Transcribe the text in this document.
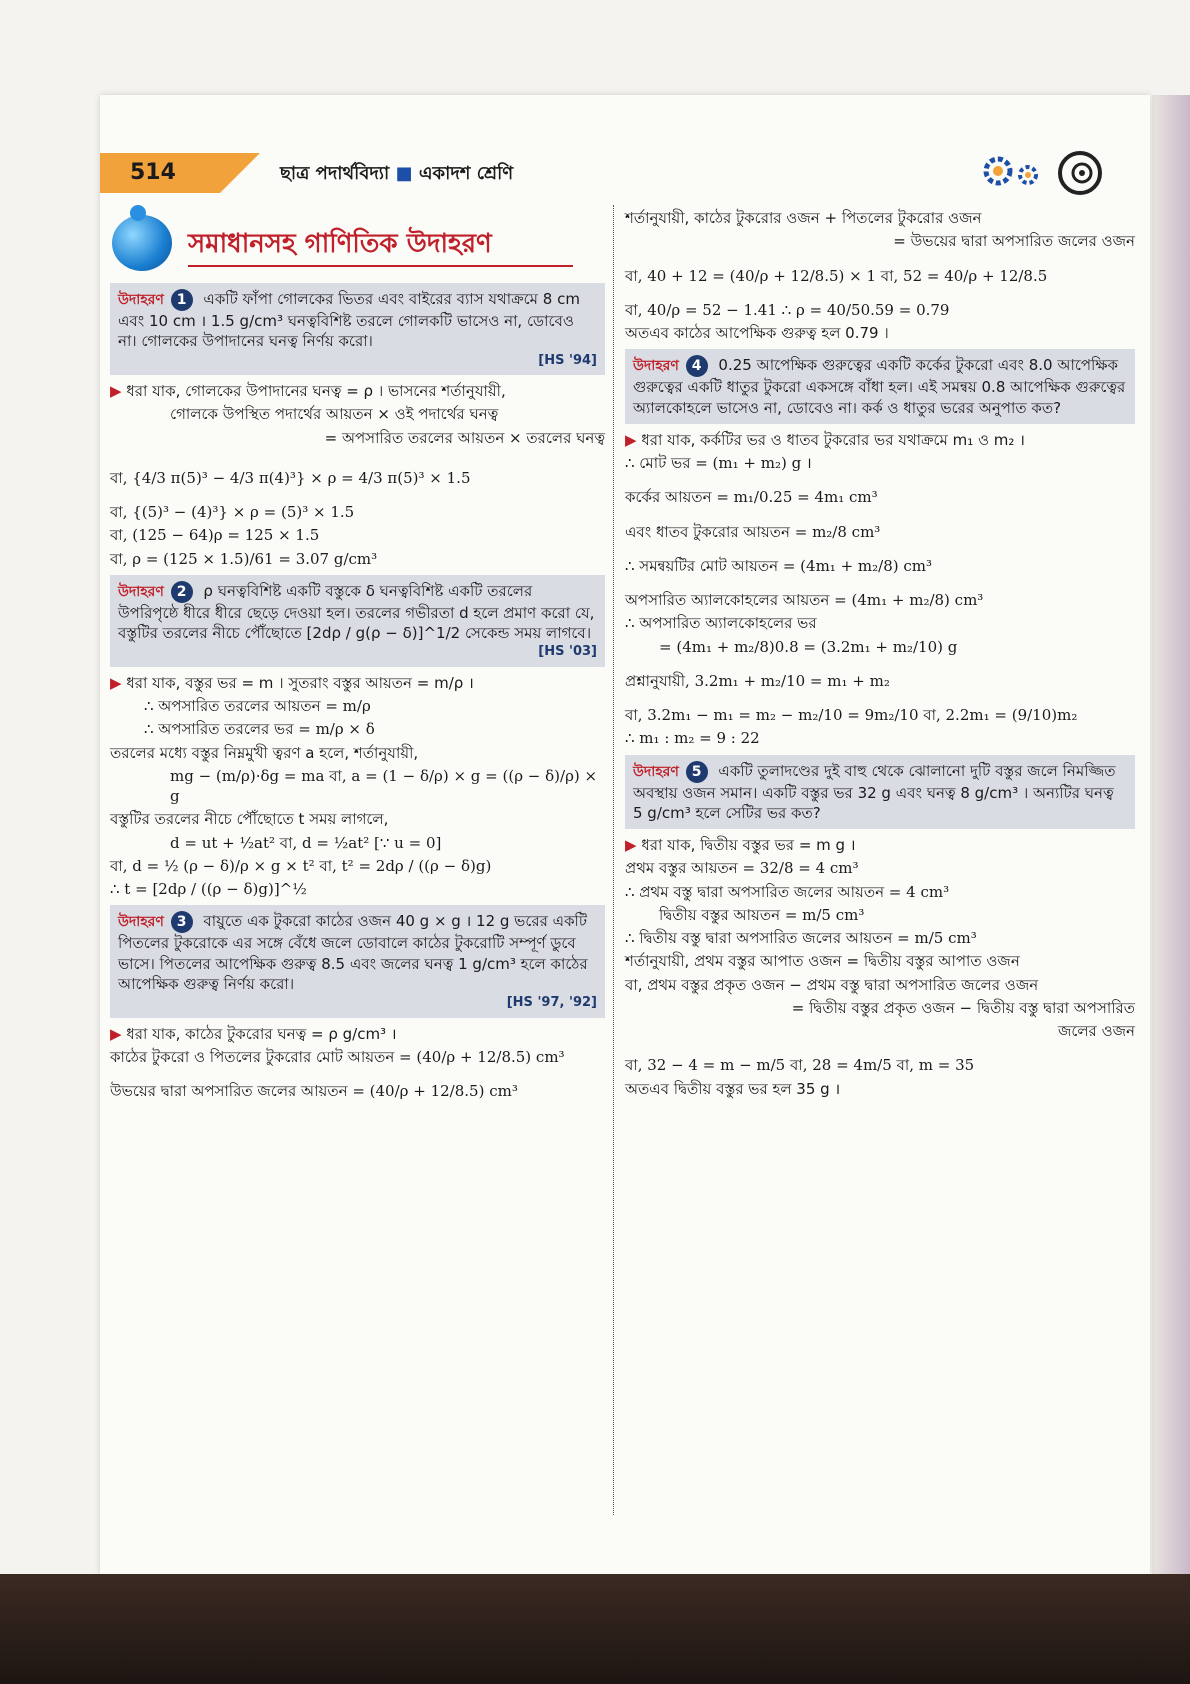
514	ছাত্র পদার্থবিদ্যা ■ একাদশ শ্রেণি
সমাধানসহ গাণিতিক উদাহরণ
উদাহরণ 1 একটি ফাঁপা গোলকের ভিতর এবং বাইরের ব্যাস যথাক্রমে 8 cm এবং 10 cm । 1.5 g/cm³ ঘনত্ববিশিষ্ট তরলে গোলকটি ভাসেও না, ডোবেও না। গোলকের উপাদানের ঘনত্ব নির্ণয় করো।
[HS '94]
▶ ধরা যাক, গোলকের উপাদানের ঘনত্ব = ρ । ভাসনের শর্তানুযায়ী,
গোলকে উপস্থিত পদার্থের আয়তন × ওই পদার্থের ঘনত্ব
= অপসারিত তরলের আয়তন × তরলের ঘনত্ব
বা, {4/3 π(5)³ − 4/3 π(4)³} × ρ = 4/3 π(5)³ × 1.5
বা, {(5)³ − (4)³} × ρ = (5)³ × 1.5
বা, (125 − 64)ρ = 125 × 1.5
বা, ρ = (125 × 1.5)/61 = 3.07 g/cm³
উদাহরণ 2 ρ ঘনত্ববিশিষ্ট একটি বস্তুকে δ ঘনত্ববিশিষ্ট একটি তরলের উপরিপৃষ্ঠে ধীরে ধীরে ছেড়ে দেওয়া হল। তরলের গভীরতা d হলে প্রমাণ করো যে, বস্তুটির তরলের নীচে পৌঁছোতে [2dρ / g(ρ − δ)]^1/2 সেকেন্ড সময় লাগবে।
[HS '03]
▶ ধরা যাক, বস্তুর ভর = m । সুতরাং বস্তুর আয়তন = m/ρ ।
∴ অপসারিত তরলের আয়তন = m/ρ
∴ অপসারিত তরলের ভর = m/ρ × δ
তরলের মধ্যে বস্তুর নিম্নমুখী ত্বরণ a হলে, শর্তানুযায়ী,
mg − (m/ρ)·δg = ma বা, a = (1 − δ/ρ) × g = ((ρ − δ)/ρ) × g
বস্তুটির তরলের নীচে পৌঁছোতে t সময় লাগলে,
d = ut + ½at² বা, d = ½at² [∵ u = 0]
বা, d = ½ (ρ − δ)/ρ × g × t² বা, t² = 2dρ / ((ρ − δ)g)
∴ t = [2dρ / ((ρ − δ)g)]^½
উদাহরণ 3 বায়ুতে এক টুকরো কাঠের ওজন 40 g × g । 12 g ভরের একটি পিতলের টুকরোকে এর সঙ্গে বেঁধে জলে ডোবালে কাঠের টুকরোটি সম্পূর্ণ ডুবে ভাসে। পিতলের আপেক্ষিক গুরুত্ব 8.5 এবং জলের ঘনত্ব 1 g/cm³ হলে কাঠের আপেক্ষিক গুরুত্ব নির্ণয় করো।
[HS '97, '92]
▶ ধরা যাক, কাঠের টুকরোর ঘনত্ব = ρ g/cm³ ।
কাঠের টুকরো ও পিতলের টুকরোর মোট আয়তন = (40/ρ + 12/8.5) cm³
উভয়ের দ্বারা অপসারিত জলের আয়তন = (40/ρ + 12/8.5) cm³
শর্তানুযায়ী, কাঠের টুকরোর ওজন + পিতলের টুকরোর ওজন
= উভয়ের দ্বারা অপসারিত জলের ওজন
বা, 40 + 12 = (40/ρ + 12/8.5) × 1 বা, 52 = 40/ρ + 12/8.5
বা, 40/ρ = 52 − 1.41 ∴ ρ = 40/50.59 = 0.79
অতএব কাঠের আপেক্ষিক গুরুত্ব হল 0.79 ।
উদাহরণ 4 0.25 আপেক্ষিক গুরুত্বের একটি কর্কের টুকরো এবং 8.0 আপেক্ষিক গুরুত্বের একটি ধাতুর টুকরো একসঙ্গে বাঁধা হল। এই সমন্বয় 0.8 আপেক্ষিক গুরুত্বের অ্যালকোহলে ভাসেও না, ডোবেও না। কর্ক ও ধাতুর ভরের অনুপাত কত?
▶ ধরা যাক, কর্কটির ভর ও ধাতব টুকরোর ভর যথাক্রমে m₁ ও m₂ ।
∴ মোট ভর = (m₁ + m₂) g ।
কর্কের আয়তন = m₁/0.25 = 4m₁ cm³
এবং ধাতব টুকরোর আয়তন = m₂/8 cm³
∴ সমন্বয়টির মোট আয়তন = (4m₁ + m₂/8) cm³
অপসারিত অ্যালকোহলের আয়তন = (4m₁ + m₂/8) cm³
∴ অপসারিত অ্যালকোহলের ভর
= (4m₁ + m₂/8)0.8 = (3.2m₁ + m₂/10) g
প্রশ্নানুযায়ী, 3.2m₁ + m₂/10 = m₁ + m₂
বা, 3.2m₁ − m₁ = m₂ − m₂/10 = 9m₂/10 বা, 2.2m₁ = (9/10)m₂
∴ m₁ : m₂ = 9 : 22
উদাহরণ 5 একটি তুলাদণ্ডের দুই বাহু থেকে ঝোলানো দুটি বস্তুর জলে নিমজ্জিত অবস্থায় ওজন সমান। একটি বস্তুর ভর 32 g এবং ঘনত্ব 8 g/cm³ । অন্যটির ঘনত্ব 5 g/cm³ হলে সেটির ভর কত?
▶ ধরা যাক, দ্বিতীয় বস্তুর ভর = m g ।
প্রথম বস্তুর আয়তন = 32/8 = 4 cm³
∴ প্রথম বস্তু দ্বারা অপসারিত জলের আয়তন = 4 cm³
দ্বিতীয় বস্তুর আয়তন = m/5 cm³
∴ দ্বিতীয় বস্তু দ্বারা অপসারিত জলের আয়তন = m/5 cm³
শর্তানুযায়ী, প্রথম বস্তুর আপাত ওজন = দ্বিতীয় বস্তুর আপাত ওজন
বা, প্রথম বস্তুর প্রকৃত ওজন − প্রথম বস্তু দ্বারা অপসারিত জলের ওজন
= দ্বিতীয় বস্তুর প্রকৃত ওজন − দ্বিতীয় বস্তু দ্বারা অপসারিত
জলের ওজন
বা, 32 − 4 = m − m/5 বা, 28 = 4m/5 বা, m = 35
অতএব দ্বিতীয় বস্তুর ভর হল 35 g ।
